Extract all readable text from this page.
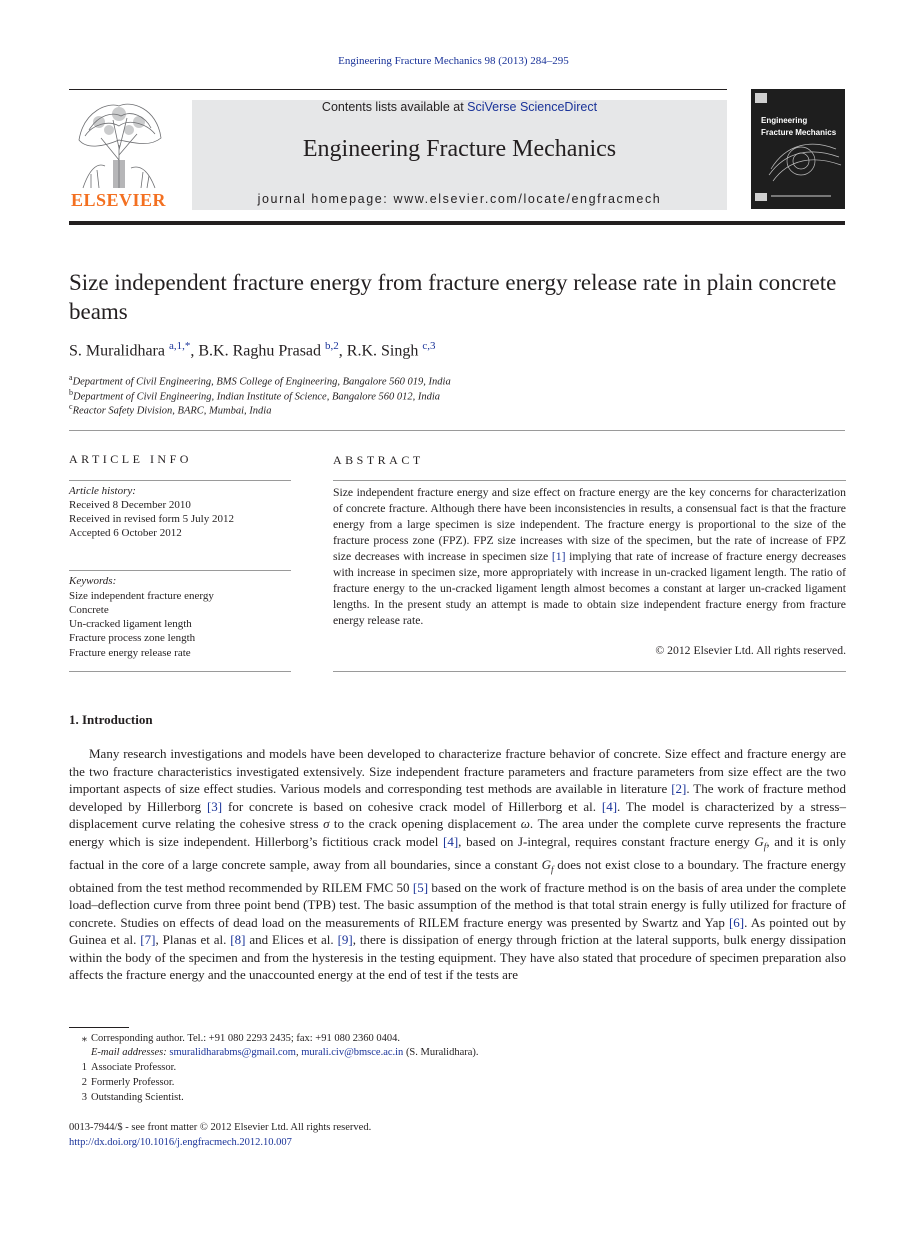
Engineering Fracture Mechanics 98 (2013) 284–295
ELSEVIER
Contents lists available at SciVerse ScienceDirect
Engineering Fracture Mechanics
journal homepage: www.elsevier.com/locate/engfracmech
Engineering
Fracture Mechanics
Size independent fracture energy from fracture energy release rate in plain concrete beams
S. Muralidhara $^{a,1,*}$, B.K. Raghu Prasad $^{b,2}$, R.K. Singh $^{c,3}$
$^a$Department of Civil Engineering, BMS College of Engineering, Bangalore 560 019, India
$^b$Department of Civil Engineering, Indian Institute of Science, Bangalore 560 012, India
$^c$Reactor Safety Division, BARC, Mumbai, India
ARTICLE INFO
Article history:
Received 8 December 2010
Received in revised form 5 July 2012
Accepted 6 October 2012
Keywords:
Size independent fracture energy
Concrete
Un-cracked ligament length
Fracture process zone length
Fracture energy release rate
ABSTRACT
Size independent fracture energy and size effect on fracture energy are the key concerns for characterization of concrete fracture. Although there have been inconsistencies in results, a consensual fact is that the fracture energy from a large specimen is size independent. The fracture energy is proportional to the size of the fracture process zone (FPZ). FPZ size increases with size of the specimen, but the rate of increase of FPZ size decreases with increase in specimen size [1] implying that rate of increase of fracture energy decreases with increase in specimen size, more appropriately with increase in un-cracked ligament length. The ratio of fracture energy to the un-cracked ligament length almost becomes a constant at larger un-cracked ligament lengths. In the present study an attempt is made to obtain size independent fracture energy from fracture energy release rate.
© 2012 Elsevier Ltd. All rights reserved.
1. Introduction
Many research investigations and models have been developed to characterize fracture behavior of concrete. Size effect and fracture energy are the two fracture characteristics investigated extensively. Size independent fracture parameters and fracture parameters from size effect are the two important aspects of size effect studies. Various models and corresponding test methods are available in literature [2]. The work of fracture method developed by Hillerborg [3] for concrete is based on cohesive crack model of Hillerborg et al. [4]. The model is characterized by a stress–displacement curve relating the cohesive stress σ to the crack opening displacement ω. The area under the complete curve represents the fracture energy which is size independent. Hillerborg’s fictitious crack model [4], based on J-integral, requires constant fracture energy $G_f$, and it is only factual in the core of a large concrete sample, away from all boundaries, since a constant $G_f$ does not exist close to a boundary. The fracture energy obtained from the test method recommended by RILEM FMC 50 [5] based on the work of fracture method is on the basis of area under the complete load–deflection curve from three point bend (TPB) test. The basic assumption of the method is that total strain energy is fully utilized for fracture of concrete. Studies on effects of dead load on the measurements of RILEM fracture energy was presented by Swartz and Yap [6]. As pointed out by Guinea et al. [7], Planas et al. [8] and Elices et al. [9], there is dissipation of energy through friction at the lateral supports, bulk energy dissipation within the body of the specimen and from the hysteresis in the testing equipment. They have also stated that procedure of specimen preparation also affects the fracture energy and the unaccounted energy at the end of test if the tests are
⁎ Corresponding author. Tel.: +91 080 2293 2435; fax: +91 080 2360 0404.
E-mail addresses: smuralidharabms@gmail.com, murali.civ@bmsce.ac.in (S. Muralidhara).
1 Associate Professor.
2 Formerly Professor.
3 Outstanding Scientist.
0013-7944/$ - see front matter © 2012 Elsevier Ltd. All rights reserved.
http://dx.doi.org/10.1016/j.engfracmech.2012.10.007
